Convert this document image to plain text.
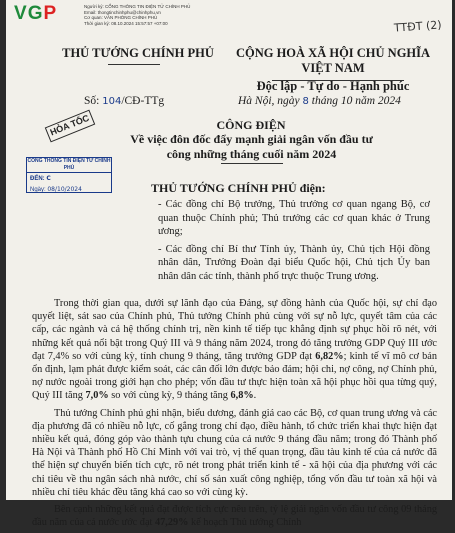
VGP	Người ký: CỔNG THÔNG TIN ĐIỆN TỬ CHÍNH PHỦ
Email: thongtinchinhphu@chinhphu.vn
Cơ quan: VĂN PHÒNG CHÍNH PHỦ
Thời gian ký: 08.10.2024 15:57:57 +07:00	TTĐT (2)
THỦ TƯỚNG CHÍNH PHỦ	CỘNG HOÀ XÃ HỘI CHỦ NGHĨA VIỆT NAM
Độc lập - Tự do - Hạnh phúc
Số: 104/CĐ-TTg	Hà Nội, ngày 8 tháng 10 năm 2024
HỎA TỐC	CÔNG ĐIỆN
Về việc đôn đốc đẩy mạnh giải ngân vốn đầu tư công những tháng cuối năm 2024
CỔNG THÔNG TIN ĐIỆN TỬ CHÍNH PHỦ
ĐẾN: C
Ngày: 08/10/2024	THỦ TƯỚNG CHÍNH PHỦ điện:

- Các đồng chí Bộ trưởng, Thủ trưởng cơ quan ngang Bộ, cơ quan thuộc Chính phủ; Thủ trưởng các cơ quan khác ở Trung ương;

- Các đồng chí Bí thư Tỉnh ủy, Thành ủy, Chủ tịch Hội đồng nhân dân, Trưởng Đoàn đại biểu Quốc hội, Chủ tịch Ủy ban nhân dân các tỉnh, thành phố trực thuộc Trung ương.

Trong thời gian qua, dưới sự lãnh đạo của Đảng, sự đồng hành của Quốc hội, sự chỉ đạo quyết liệt, sát sao của Chính phủ, Thủ tướng Chính phủ cùng với sự nỗ lực, quyết tâm của các cấp, các ngành và cả hệ thống chính trị, nền kinh tế tiếp tục khẳng định sự phục hồi rõ nét, với những kết quả nổi bật trong Quý III và 9 tháng năm 2024, trong đó tăng trưởng GDP Quý III ước đạt 7,4% so với cùng kỳ, tính chung 9 tháng, tăng trưởng GDP đạt 6,82%; kinh tế vĩ mô cơ bản ổn định, lạm phát được kiểm soát, các cân đối lớn được bảo đảm; hội chi, nợ công, nợ Chính phủ, nợ nước ngoài trong giới hạn cho phép; vốn đầu tư thực hiện toàn xã hội phục hồi qua từng quý, Quý III tăng 7,0% so với cùng kỳ, 9 tháng tăng 6,8%.

Thủ tướng Chính phủ ghi nhận, biểu dương, đánh giá cao các Bộ, cơ quan trung ương và các địa phương đã có nhiều nỗ lực, cố gắng trong chỉ đạo, điều hành, tổ chức triển khai thực hiện đạt nhiều kết quả, đóng góp vào thành tựu chung của cả nước 9 tháng đầu năm; trong đó Thành phố Hà Nội và Thành phố Hồ Chí Minh với vai trò, vị thế quan trọng, đầu tàu kinh tế của cả nước đã thể hiện sự chuyển biến tích cực, rõ nét trong phát triển kinh tế - xã hội của địa phương với các chỉ tiêu về thu ngân sách nhà nước, chỉ số sản xuất công nghiệp, tổng vốn đầu tư toàn xã hội và nhiều chỉ tiêu khác đều tăng khá cao so với cùng kỳ.

Bên cạnh những kết quả đạt được tích cực nêu trên, tỷ lệ giải ngân vốn đầu tư công 09 tháng đầu năm của cả nước ước đạt 47,29% kế hoạch Thủ tướng Chính
